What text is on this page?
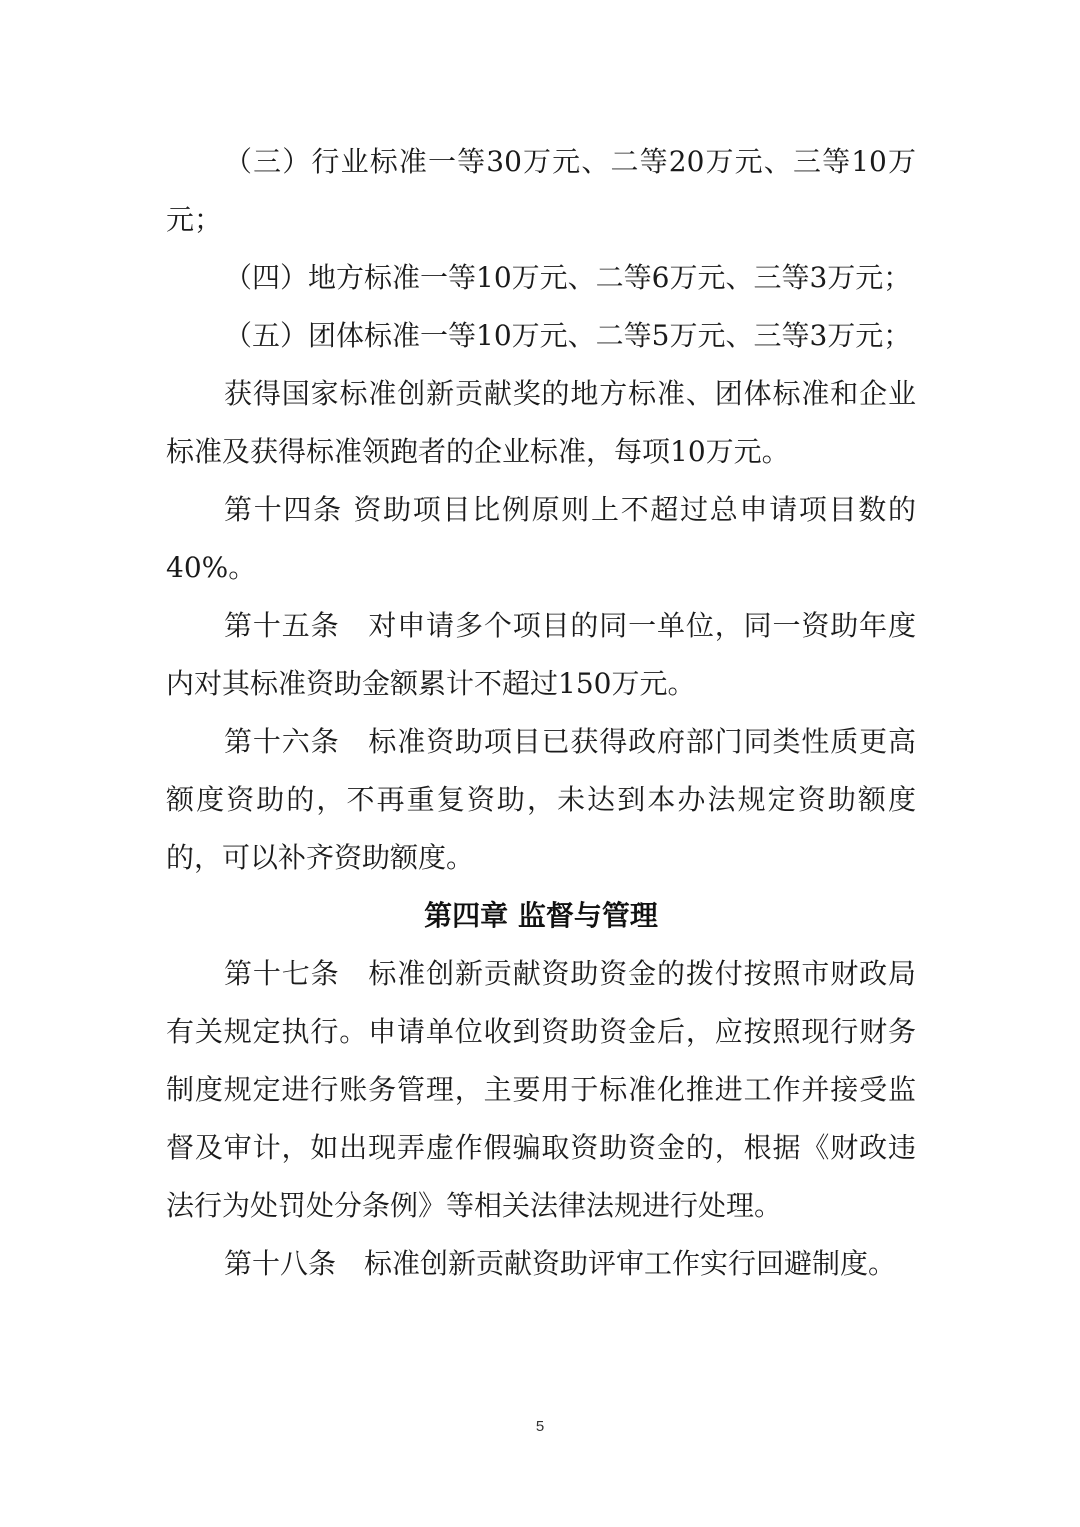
（三）行业标准一等30万元、二等20万元、三等10万元；

（四）地方标准一等10万元、二等6万元、三等3万元；

（五）团体标准一等10万元、二等5万元、三等3万元；

获得国家标准创新贡献奖的地方标准、团体标准和企业标准及获得标准领跑者的企业标准，每项10万元。

第十四条 资助项目比例原则上不超过总申请项目数的40%。

第十五条　对申请多个项目的同一单位，同一资助年度内对其标准资助金额累计不超过150万元。

第十六条　标准资助项目已获得政府部门同类性质更高额度资助的，不再重复资助，未达到本办法规定资助额度的，可以补齐资助额度。

第四章 监督与管理

第十七条　标准创新贡献资助资金的拨付按照市财政局有关规定执行。申请单位收到资助资金后，应按照现行财务制度规定进行账务管理，主要用于标准化推进工作并接受监督及审计，如出现弄虚作假骗取资助资金的，根据《财政违法行为处罚处分条例》等相关法律法规进行处理。

第十八条　标准创新贡献资助评审工作实行回避制度。

5
